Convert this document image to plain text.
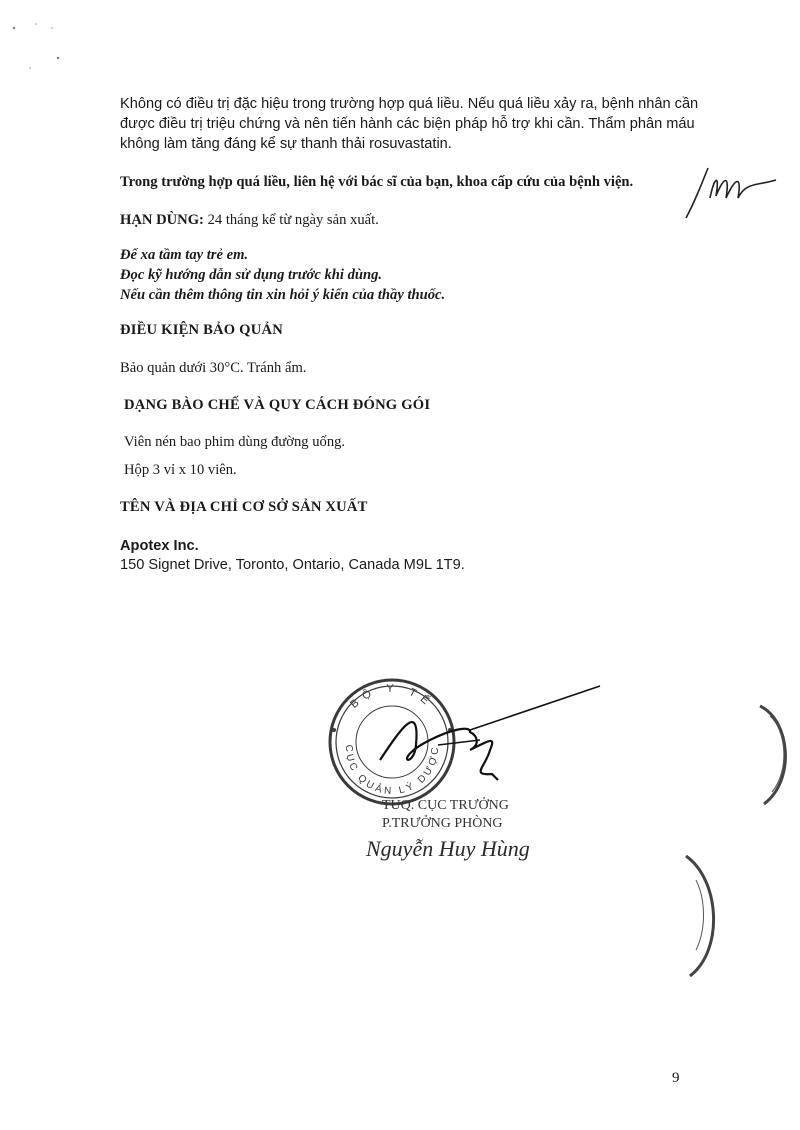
Không có điều trị đặc hiệu trong trường hợp quá liều. Nếu quá liều xảy ra, bệnh nhân cần
được điều trị triệu chứng và nên tiến hành các biện pháp hỗ trợ khi cần. Thẩm phân máu
không làm tăng đáng kể sự thanh thải rosuvastatin.
Trong trường hợp quá liều, liên hệ với bác sĩ của bạn, khoa cấp cứu của bệnh viện.
HẠN DÙNG: 24 tháng kể từ ngày sản xuất.
Để xa tầm tay trẻ em.
Đọc kỹ hướng dẫn sử dụng trước khi dùng.
Nếu cần thêm thông tin xin hỏi ý kiến của thầy thuốc.
ĐIỀU KIỆN BẢO QUẢN
Bảo quản dưới 30°C. Tránh ẩm.
DẠNG BÀO CHẾ VÀ QUY CÁCH ĐÓNG GÓI
Viên nén bao phim dùng đường uống.
Hộp 3 vỉ x 10 viên.
TÊN VÀ ĐỊA CHỈ CƠ SỞ SẢN XUẤT
Apotex Inc.
150 Signet Drive, Toronto, Ontario, Canada M9L 1T9.
BỘ Y TẾ
CỤC QUẢN LÝ DƯỢC
TUQ. CỤC TRƯỞNG
P.TRƯỞNG PHÒNG
Nguyễn Huy Hùng
9
